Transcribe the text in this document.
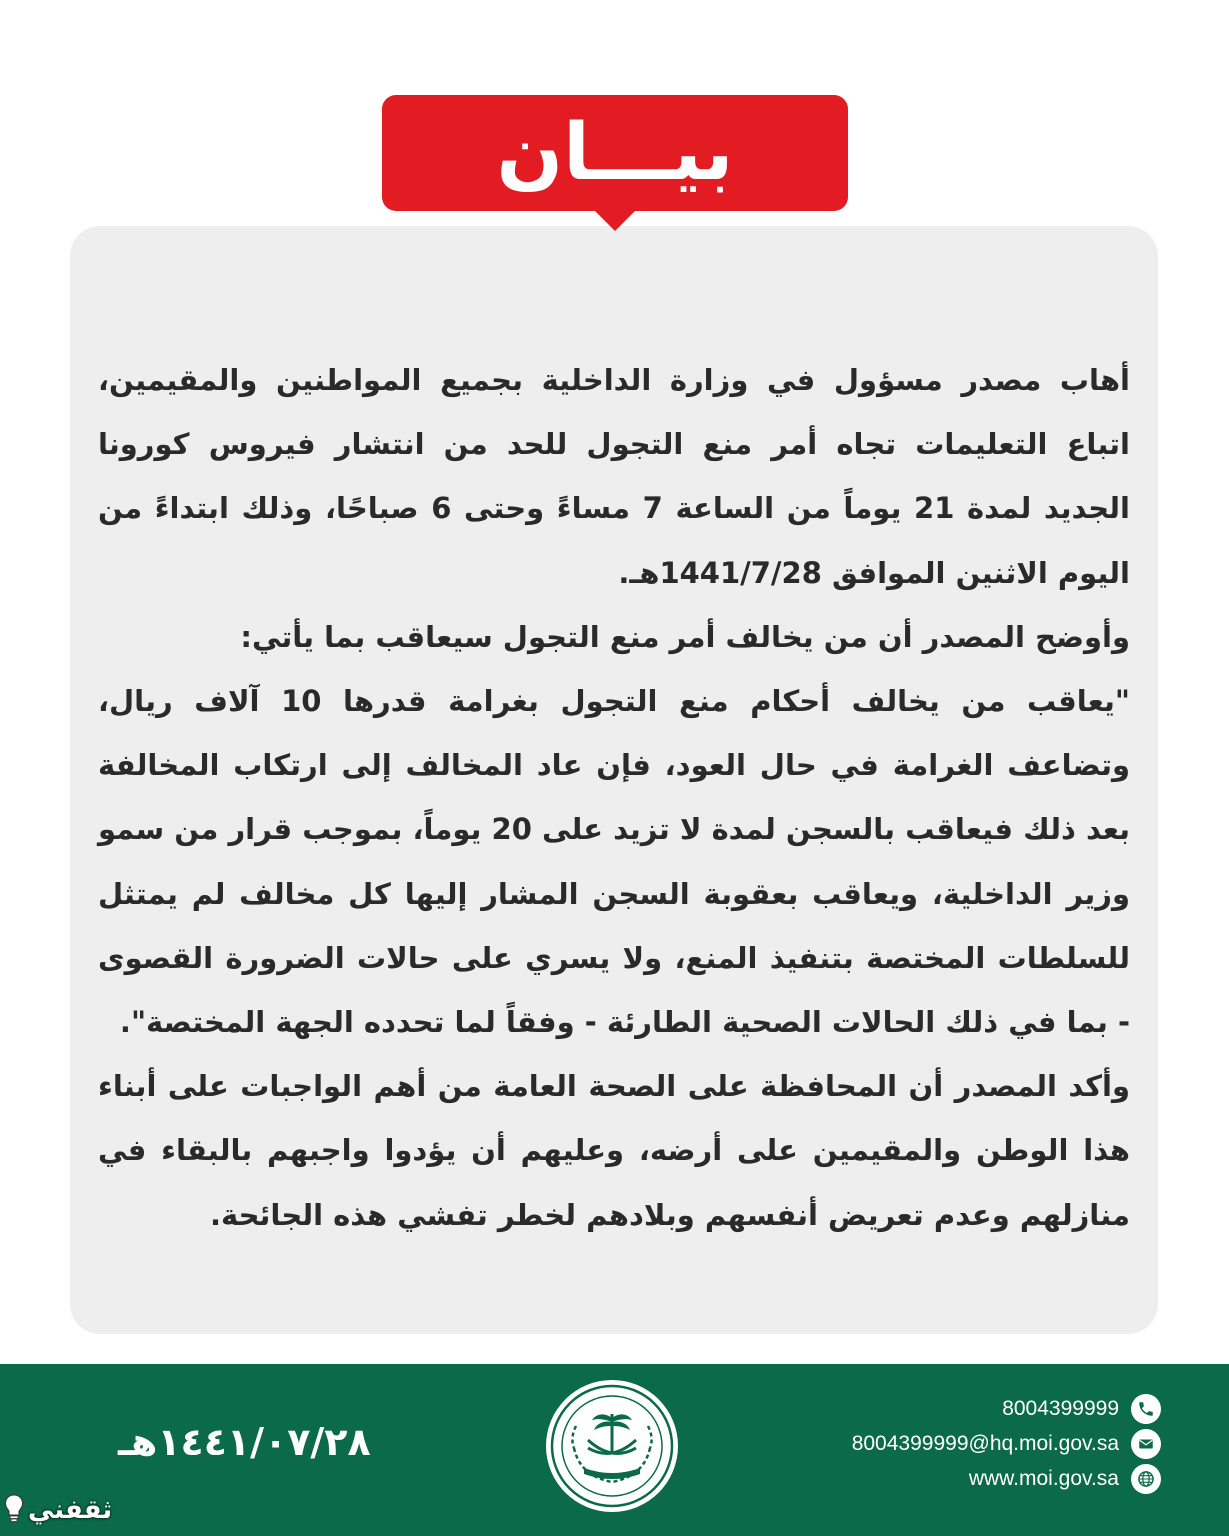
بيـــان

أهاب مصدر مسؤول في وزارة الداخلية بجميع المواطنين والمقيمين، اتباع التعليمات تجاه أمر منع التجول للحد من انتشار فيروس كورونا الجديد لمدة 21 يوماً من الساعة 7 مساءً وحتى 6 صباحًا، وذلك ابتداءً من اليوم الاثنين الموافق 1441/7/28هـ.

وأوضح المصدر أن من يخالف أمر منع التجول سيعاقب بما يأتي:

"يعاقب من يخالف أحكام منع التجول بغرامة قدرها 10 آلاف ريال، وتضاعف الغرامة في حال العود، فإن عاد المخالف إلى ارتكاب المخالفة بعد ذلك فيعاقب بالسجن لمدة لا تزيد على 20 يوماً، بموجب قرار من سمو وزير الداخلية، ويعاقب بعقوبة السجن المشار إليها كل مخالف لم يمتثل للسلطات المختصة بتنفيذ المنع، ولا يسري على حالات الضرورة القصوى - بما في ذلك الحالات الصحية الطارئة - وفقاً لما تحدده الجهة المختصة".

وأكد المصدر أن المحافظة على الصحة العامة من أهم الواجبات على أبناء هذا الوطن والمقيمين على أرضه، وعليهم أن يؤدوا واجبهم بالبقاء في منازلهم وعدم تعريض أنفسهم وبلادهم لخطر تفشي هذه الجائحة.

١٤٤١/٠٧/٢٨هـ
8004399999
8004399999@hq.moi.gov.sa
www.moi.gov.sa
ثقفني
